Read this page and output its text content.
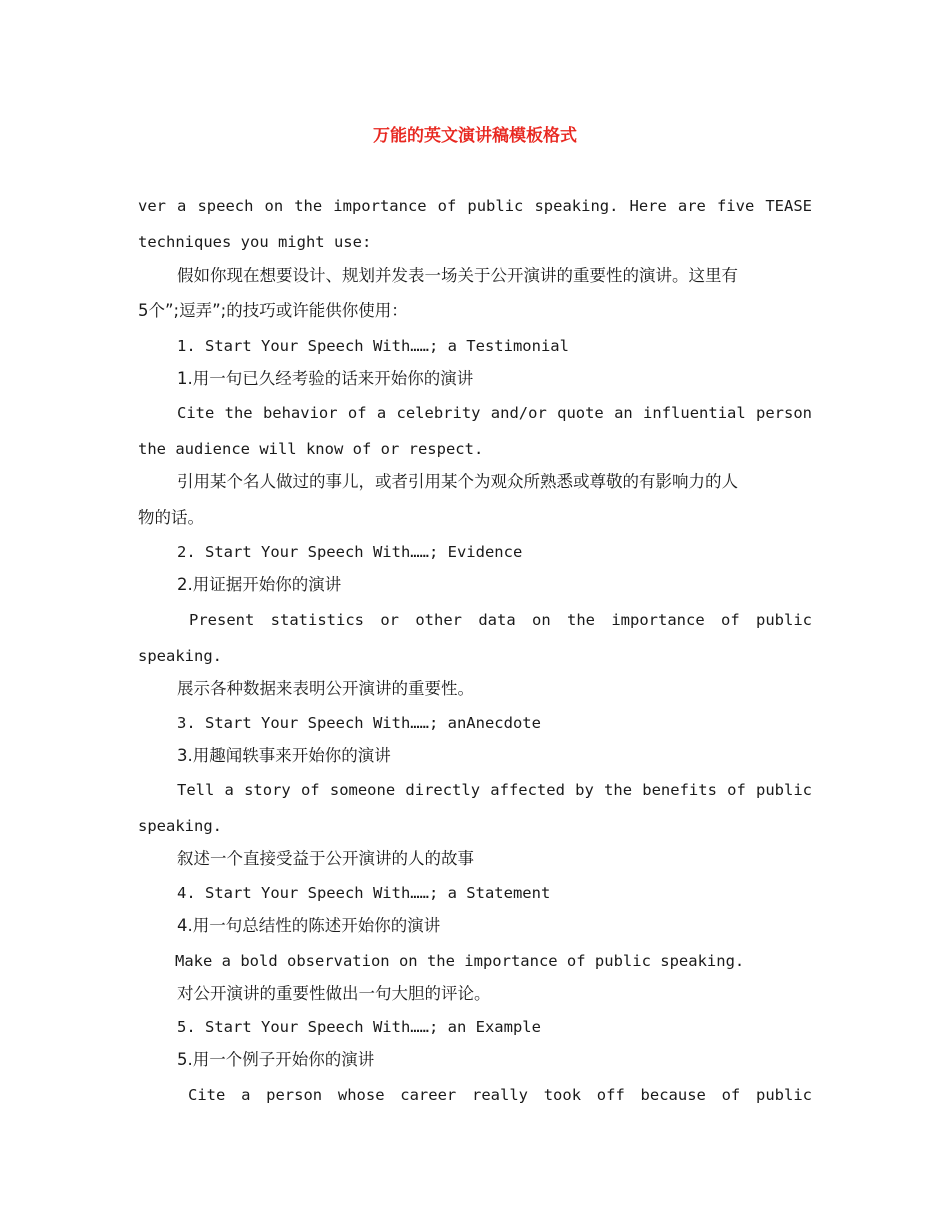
万能的英文演讲稿模板格式
ver a speech on the importance of public speaking. Here are five TEASE
techniques you might use:
假如你现在想要设计、规划并发表一场关于公开演讲的重要性的演讲。这里有
5个”;逗弄”;的技巧或许能供你使用：
1. Start Your Speech With……; a Testimonial
1.用一句已久经考验的话来开始你的演讲
Cite the behavior of a celebrity and/or quote an influential person
the audience will know of or respect.
引用某个名人做过的事儿，或者引用某个为观众所熟悉或尊敬的有影响力的人
物的话。
2. Start Your Speech With……; Evidence
2.用证据开始你的演讲
Present statistics or other data on the importance of public
speaking.
展示各种数据来表明公开演讲的重要性。
3. Start Your Speech With……; anAnecdote
3.用趣闻轶事来开始你的演讲
Tell a story of someone directly affected by the benefits of public
speaking.
叙述一个直接受益于公开演讲的人的故事
4. Start Your Speech With……; a Statement
4.用一句总结性的陈述开始你的演讲
Make a bold observation on the importance of public speaking.
对公开演讲的重要性做出一句大胆的评论。
5. Start Your Speech With……; an Example
5.用一个例子开始你的演讲
Cite a person whose career really took off because of public
